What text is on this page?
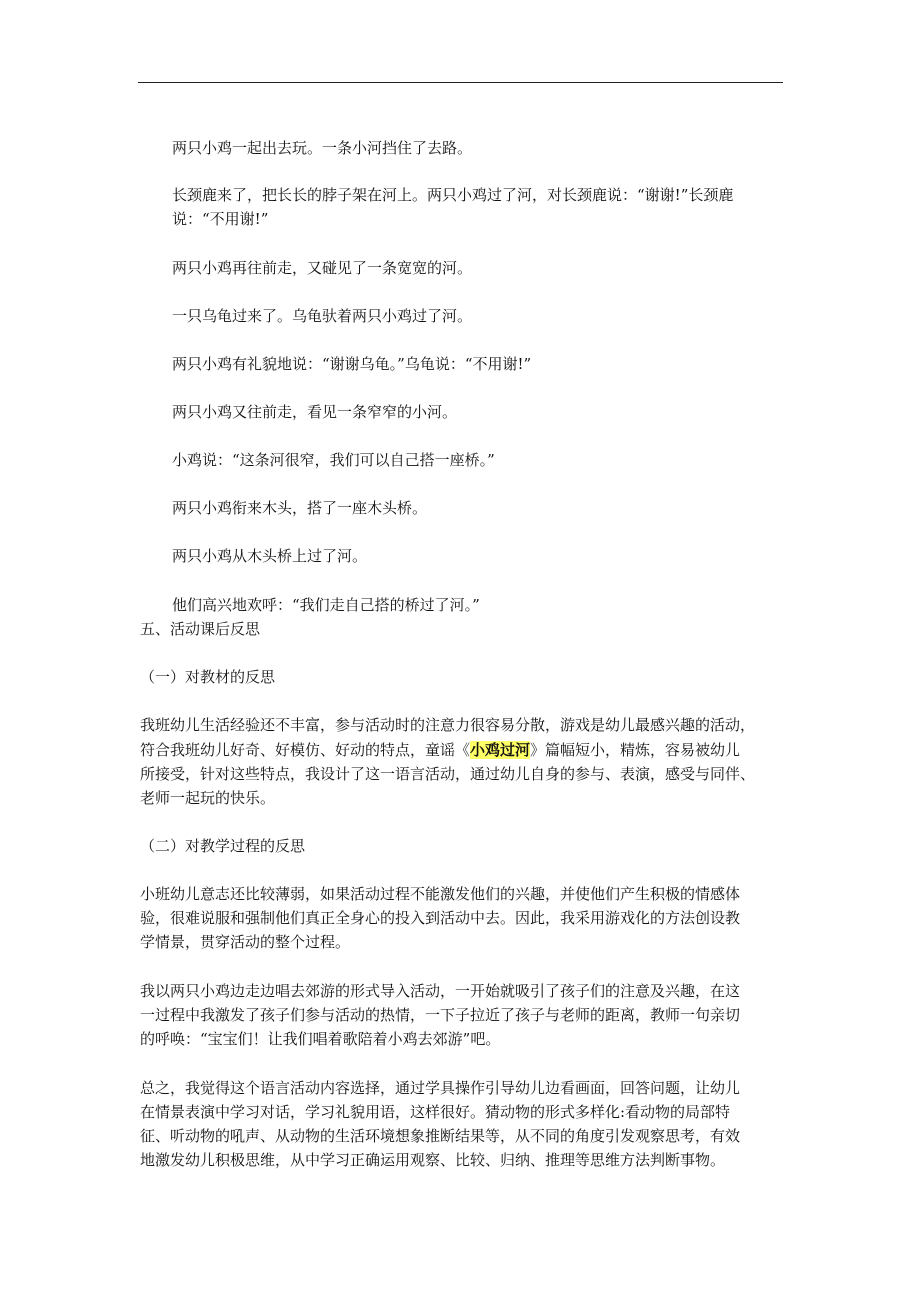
两只小鸡一起出去玩。一条小河挡住了去路。

长颈鹿来了，把长长的脖子架在河上。两只小鸡过了河，对长颈鹿说：“谢谢!”长颈鹿

说：“不用谢!”

两只小鸡再往前走，又碰见了一条宽宽的河。

一只乌龟过来了。乌龟驮着两只小鸡过了河。

两只小鸡有礼貌地说：“谢谢乌龟。”乌龟说：“不用谢!”

两只小鸡又往前走，看见一条窄窄的小河。

小鸡说：“这条河很窄，我们可以自己搭一座桥。”

两只小鸡衔来木头，搭了一座木头桥。

两只小鸡从木头桥上过了河。

他们高兴地欢呼：“我们走自己搭的桥过了河。”

五、活动课后反思

（一）对教材的反思

我班幼儿生活经验还不丰富，参与活动时的注意力很容易分散，游戏是幼儿最感兴趣的活动，

符合我班幼儿好奇、好模仿、好动的特点，童谣《小鸡过河》篇幅短小，精炼，容易被幼儿

所接受，针对这些特点，我设计了这一语言活动，通过幼儿自身的参与、表演，感受与同伴、

老师一起玩的快乐。

（二）对教学过程的反思

小班幼儿意志还比较薄弱，如果活动过程不能激发他们的兴趣，并使他们产生积极的情感体

验，很难说服和强制他们真正全身心的投入到活动中去。因此，我采用游戏化的方法创设教

学情景，贯穿活动的整个过程。

我以两只小鸡边走边唱去郊游的形式导入活动，一开始就吸引了孩子们的注意及兴趣，在这

一过程中我激发了孩子们参与活动的热情，一下子拉近了孩子与老师的距离，教师一句亲切

的呼唤：“宝宝们！让我们唱着歌陪着小鸡去郊游”吧。

总之，我觉得这个语言活动内容选择，通过学具操作引导幼儿边看画面，回答问题，让幼儿

在情景表演中学习对话，学习礼貌用语，这样很好。猜动物的形式多样化:看动物的局部特

征、听动物的吼声、从动物的生活环境想象推断结果等，从不同的角度引发观察思考，有效

地激发幼儿积极思维，从中学习正确运用观察、比较、归纳、推理等思维方法判断事物。
